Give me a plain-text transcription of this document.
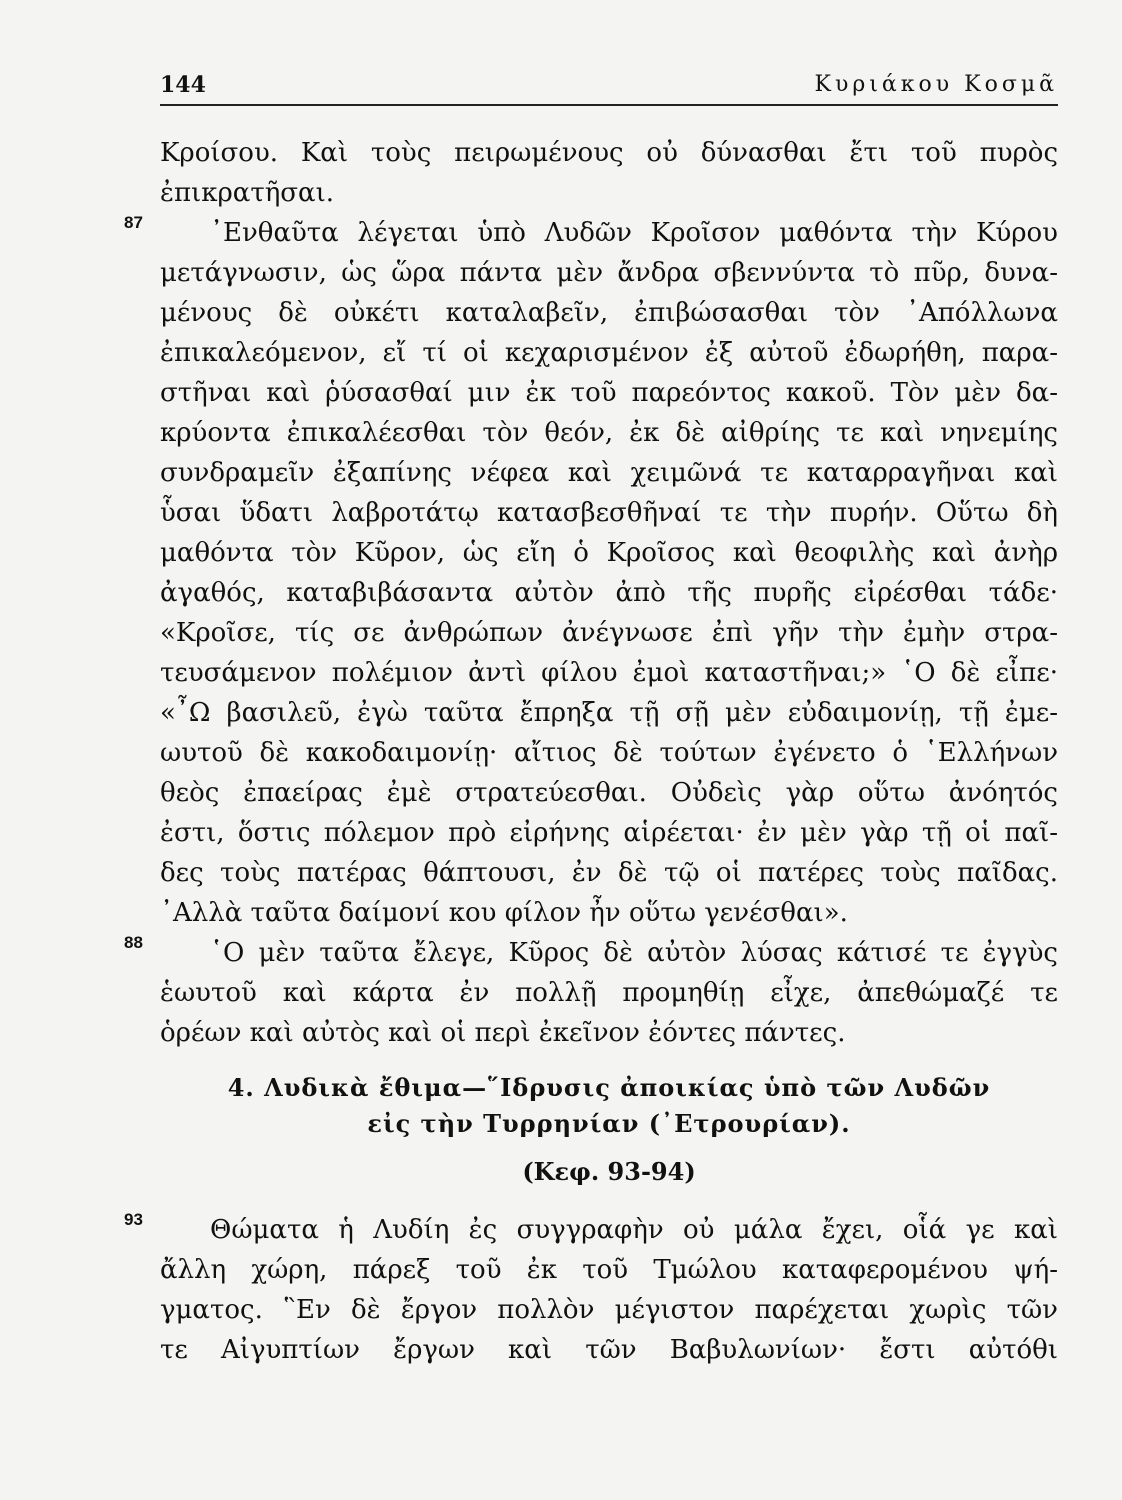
144	Κυριάκου Κοσμᾶ
Κροίσου. Καὶ τοὺς πειρωμένους οὐ δύνασθαι ἔτι τοῦ πυρὸς
ἐπικρατῆσαι.
87	᾿Ενθαῦτα λέγεται ὑπὸ Λυδῶν Κροῖσον μαθόντα τὴν Κύρου
μετάγνωσιν, ὡς ὥρα πάντα μὲν ἄνδρα σβεννύντα τὸ πῦρ, δυνα-
μένους δὲ οὐκέτι καταλαβεῖν, ἐπιβώσασθαι τὸν ᾿Απόλλωνα
ἐπικαλεόμενον, εἴ τί οἱ κεχαρισμένον ἐξ αὐτοῦ ἐδωρήθη, παρα-
στῆναι καὶ ῥύσασθαί μιν ἐκ τοῦ παρεόντος κακοῦ. Τὸν μὲν δα-
κρύοντα ἐπικαλέεσθαι τὸν θεόν, ἐκ δὲ αἰθρίης τε καὶ νηνεμίης
συνδραμεῖν ἐξαπίνης νέφεα καὶ χειμῶνά τε καταρραγῆναι καὶ
ὗσαι ὕδατι λαβροτάτῳ κατασβεσθῆναί τε τὴν πυρήν. Οὕτω δὴ
μαθόντα τὸν Κῦρον, ὡς εἴη ὁ Κροῖσος καὶ θεοφιλὴς καὶ ἀνὴρ
ἀγαθός, καταβιβάσαντα αὐτὸν ἀπὸ τῆς πυρῆς εἰρέσθαι τάδε·
«Κροῖσε, τίς σε ἀνθρώπων ἀνέγνωσε ἐπὶ γῆν τὴν ἐμὴν στρα-
τευσάμενον πολέμιον ἀντὶ φίλου ἐμοὶ καταστῆναι;» ῾Ο δὲ εἶπε·
«῏Ω βασιλεῦ, ἐγὼ ταῦτα ἔπρηξα τῇ σῇ μὲν εὐδαιμονίῃ, τῇ ἐμε-
ωυτοῦ δὲ κακοδαιμονίῃ· αἴτιος δὲ τούτων ἐγένετο ὁ ῾Ελλήνων
θεὸς ἐπαείρας ἐμὲ στρατεύεσθαι. Οὐδεὶς γὰρ οὕτω ἀνόητός
ἐστι, ὅστις πόλεμον πρὸ εἰρήνης αἱρέεται· ἐν μὲν γὰρ τῇ οἱ παῖ-
δες τοὺς πατέρας θάπτουσι, ἐν δὲ τῷ οἱ πατέρες τοὺς παῖδας.
᾿Αλλὰ ταῦτα δαίμονί κου φίλον ἦν οὕτω γενέσθαι».
88	῾Ο μὲν ταῦτα ἔλεγε, Κῦρος δὲ αὐτὸν λύσας κάτισέ τε ἐγγὺς
ἑωυτοῦ καὶ κάρτα ἐν πολλῇ προμηθίῃ εἶχε, ἀπεθώμαζέ τε
ὁρέων καὶ αὐτὸς καὶ οἱ περὶ ἐκεῖνον ἐόντες πάντες.
4. Λυδικὰ ἔθιμα—῞Ιδρυσις ἀποικίας ὑπὸ τῶν Λυδῶν
εἰς τὴν Τυρρηνίαν (᾿Ετρουρίαν).
(Κεφ. 93-94)
93	Θώματα ἡ Λυδίη ἐς συγγραφὴν οὐ μάλα ἔχει, οἷά γε καὶ
ἄλλη χώρη, πάρεξ τοῦ ἐκ τοῦ Τμώλου καταφερομένου ψή-
γματος. ῝Εν δὲ ἔργον πολλὸν μέγιστον παρέχεται χωρὶς τῶν
τε Αἰγυπτίων ἔργων καὶ τῶν Βαβυλωνίων· ἔστι αὐτόθι
